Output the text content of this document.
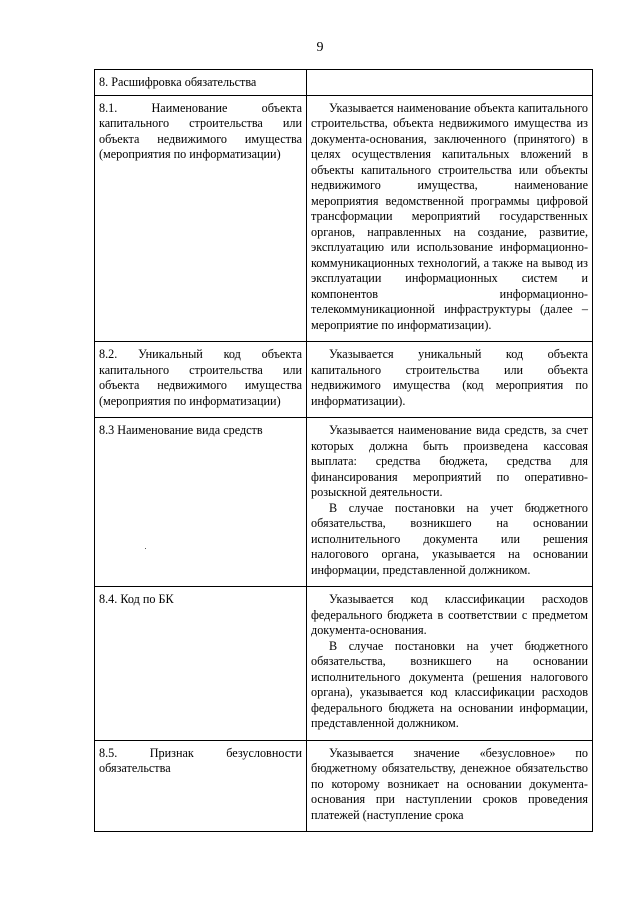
9
8. Расшифровка обязательства	
8.1. Наименование объекта капитального строительства или объекта недвижимого имущества (мероприятия по информатизации)	Указывается наименование объекта капитального строительства, объекта недвижимого имущества из документа-основания, заключенного (принятого) в целях осуществления капитальных вложений в объекты капитального строительства или объекты недвижимого имущества, наименование мероприятия ведомственной программы цифровой трансформации мероприятий государственных органов, направленных на создание, развитие, эксплуатацию или использование информационно-коммуникационных технологий, а также на вывод из эксплуатации информационных систем и компонентов информационно-телекоммуникационной инфраструктуры (далее – мероприятие по информатизации).

8.2. Уникальный код объекта капитального строительства или объекта недвижимого имущества (мероприятия по информатизации)	Указывается уникальный код объекта капитального строительства или объекта недвижимого имущества (код мероприятия по информатизации).

8.3 Наименование вида средств	Указывается наименование вида средств, за счет которых должна быть произведена кассовая выплата: средства бюджета, средства для финансирования мероприятий по оперативно-розыскной деятельности.

В случае постановки на учет бюджетного обязательства, возникшего на основании исполнительного документа или решения налогового органа, указывается на основании информации, представленной должником.

8.4. Код по БК	Указывается код классификации расходов федерального бюджета в соответствии с предметом документа-основания.

В случае постановки на учет бюджетного обязательства, возникшего на основании исполнительного документа (решения налогового органа), указывается код классификации расходов федерального бюджета на основании информации, представленной должником.

8.5. Признак безусловности обязательства	Указывается значение «безусловное» по бюджетному обязательству, денежное обязательство по которому возникает на основании документа-основания при наступлении сроков проведения платежей (наступление срока
